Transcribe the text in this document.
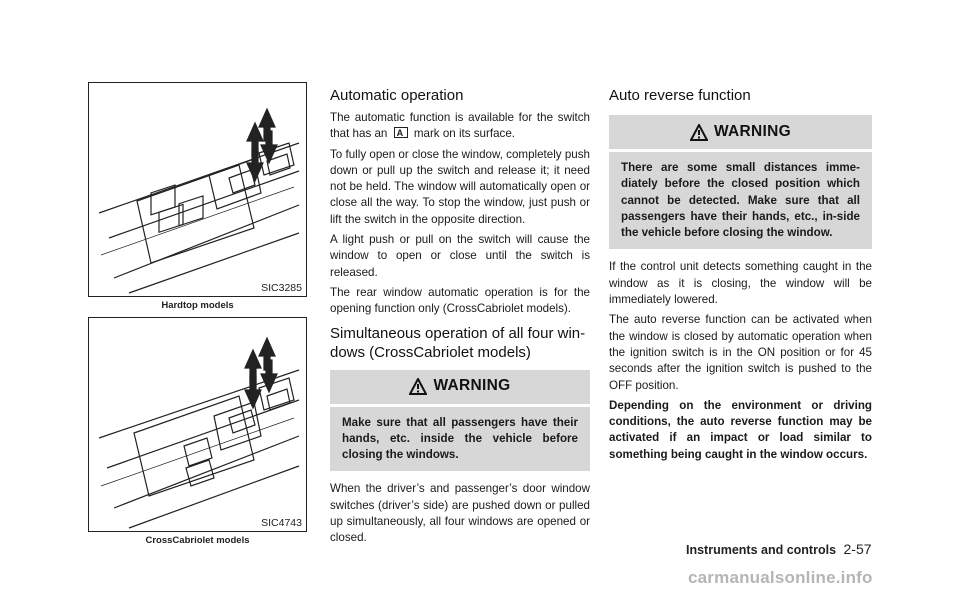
SIC3285
Hardtop models
SIC4743
CrossCabriolet models
Automatic operation

The automatic function is available for the switch that has an A mark on its surface.

To fully open or close the window, completely push down or pull up the switch and release it; it need not be held. The window will automatically open or close all the way. To stop the window, just push or lift the switch in the opposite direction.

A light push or pull on the switch will cause the window to open or close until the switch is released.

The rear window automatic operation is for the opening function only (CrossCabriolet models).

Simultaneous operation of all four win-dows (CrossCabriolet models)
WARNING
Make sure that all passengers have their hands, etc. inside the vehicle before closing the windows.

When the driver’s and passenger’s door window switches (driver’s side) are pushed down or pulled up simultaneously, all four windows are opened or closed.

Auto reverse function
WARNING
There are some small distances imme-diately before the closed position which cannot be detected. Make sure that all passengers have their hands, etc., in-side the vehicle before closing the window.

If the control unit detects something caught in the window as it is closing, the window will be immediately lowered.

The auto reverse function can be activated when the window is closed by automatic operation when the ignition switch is in the ON position or for 45 seconds after the ignition switch is pushed to the OFF position.

Depending on the environment or driving conditions, the auto reverse function may be activated if an impact or load similar to something being caught in the window occurs.

Instruments and controls 2-57
carmanualsonline.info
